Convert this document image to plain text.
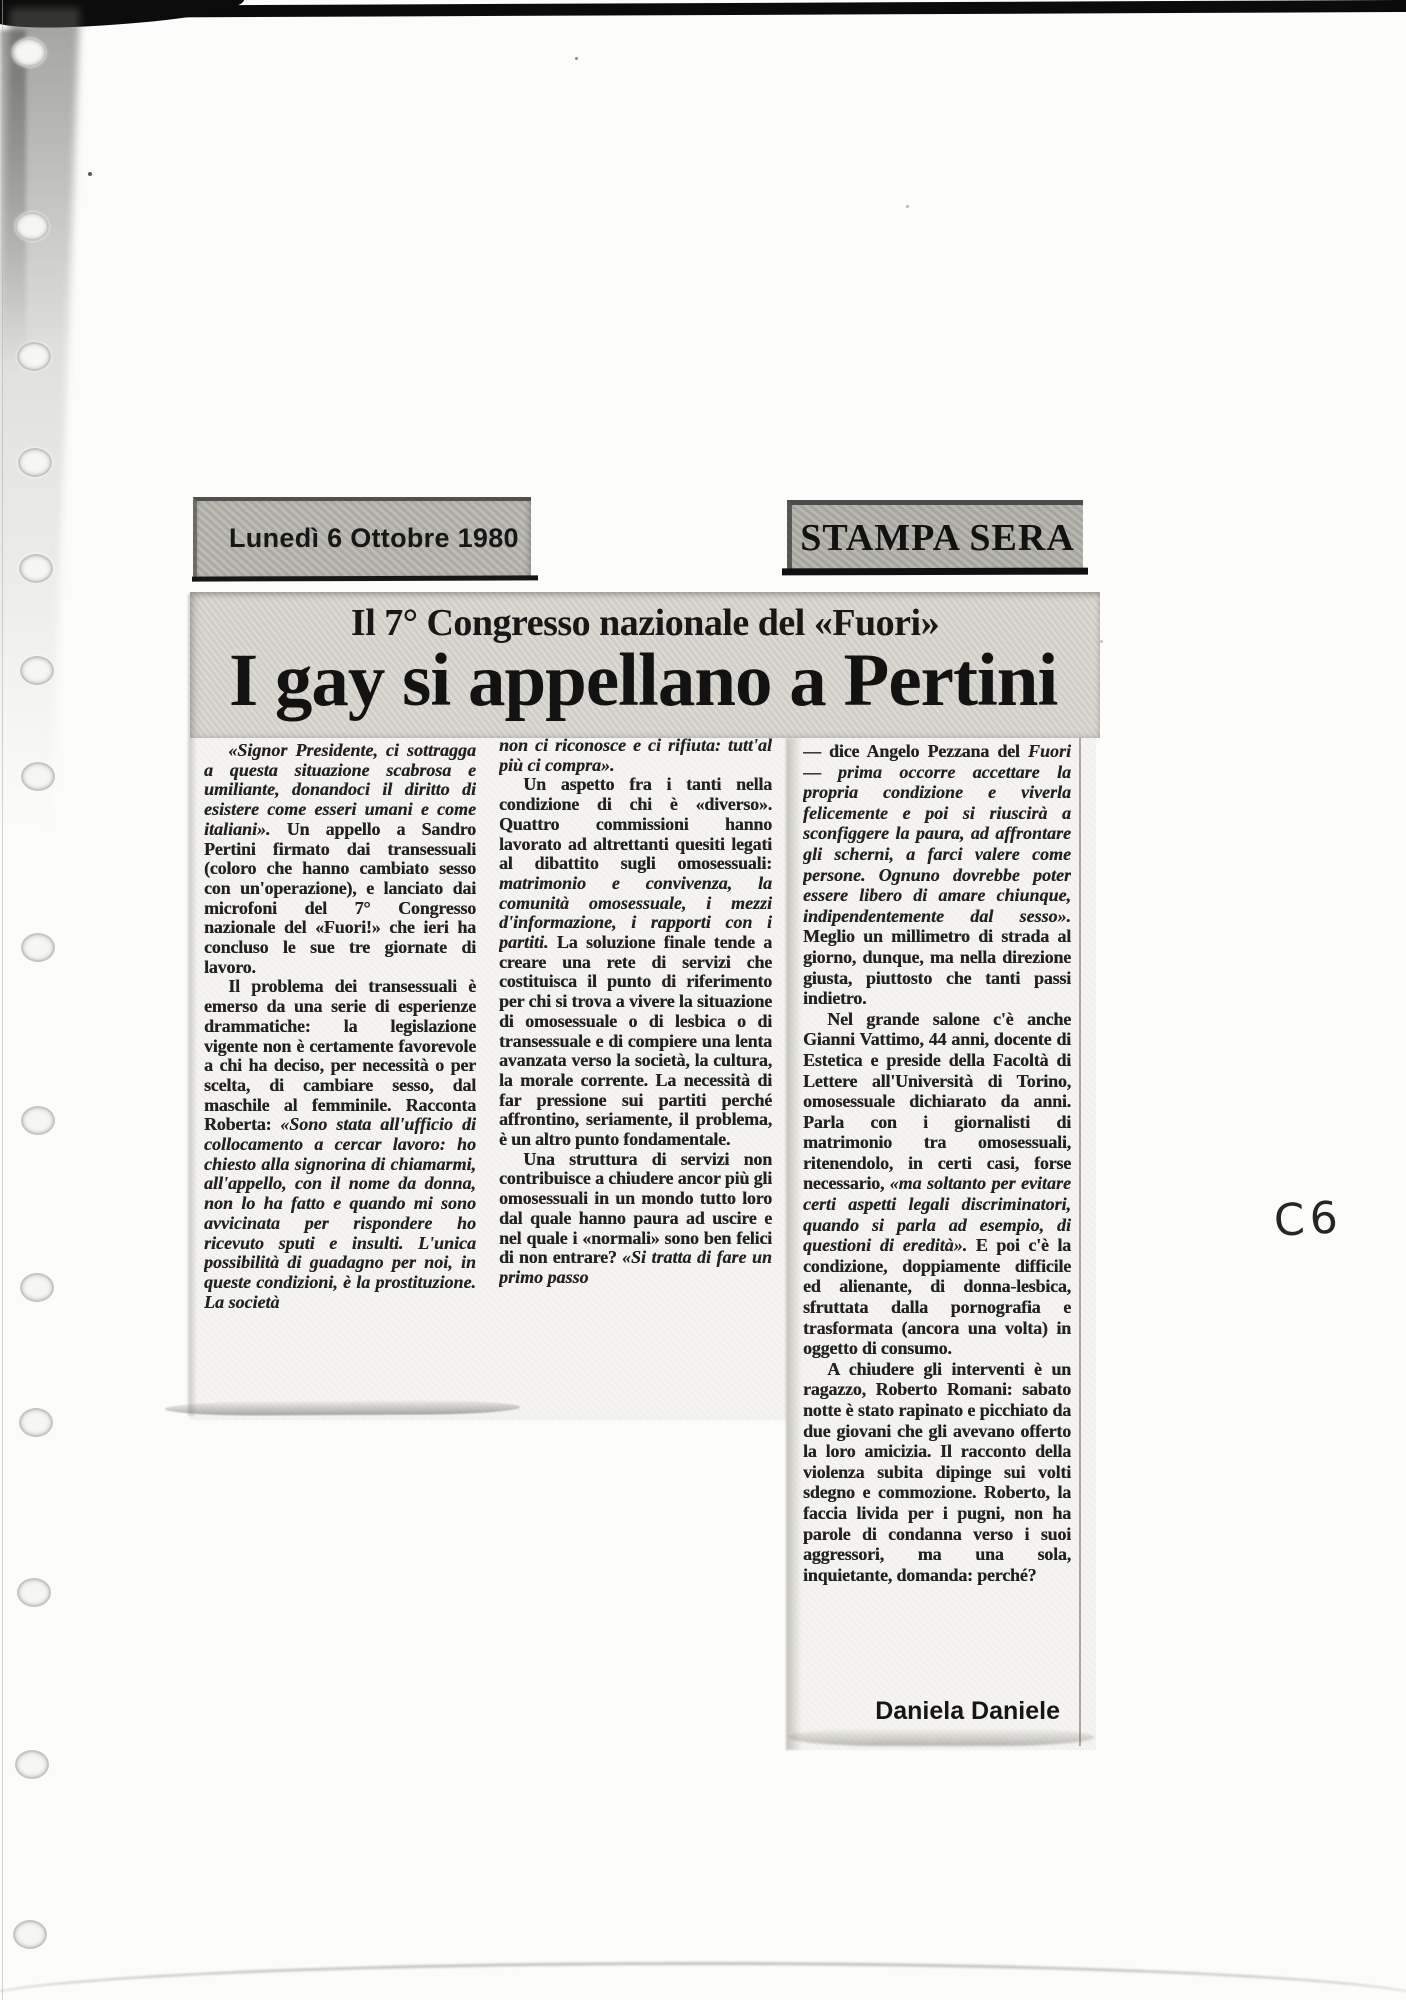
Lunedì 6 Ottobre 1980	STAMPA SERA
Il 7° Congresso nazionale del «Fuori»
I gay si appellano a Pertini

«Signor Presidente, ci sottragga a questa situazione scabrosa e umiliante, donandoci il diritto di esistere come esseri umani e come italiani». Un appello a Sandro Pertini firmato dai transessuali (coloro che hanno cambiato sesso con un'operazione), e lanciato dai microfoni del 7° Congresso nazionale del «Fuori!» che ieri ha concluso le sue tre giornate di lavoro.

Il problema dei transessuali è emerso da una serie di esperienze drammatiche: la legislazione vigente non è certamente favorevole a chi ha deciso, per necessità o per scelta, di cambiare sesso, dal maschile al femminile. Racconta Roberta: «Sono stata all'ufficio di collocamento a cercar lavoro: ho chiesto alla signorina di chiamarmi, all'appello, con il nome da donna, non lo ha fatto e quando mi sono avvicinata per rispondere ho ricevuto sputi e insulti. L'unica possibilità di guadagno per noi, in queste condizioni, è la prostituzione. La società

non ci riconosce e ci rifiuta: tutt'al più ci compra».

Un aspetto fra i tanti nella condizione di chi è «diverso». Quattro commissioni hanno lavorato ad altrettanti quesiti legati al dibattito sugli omosessuali: matrimonio e convivenza, la comunità omosessuale, i mezzi d'informazione, i rapporti con i partiti. La soluzione finale tende a creare una rete di servizi che costituisca il punto di riferimento per chi si trova a vivere la situazione di omosessuale o di lesbica o di transessuale e di compiere una lenta avanzata verso la società, la cultura, la morale corrente. La necessità di far pressione sui partiti perché affrontino, seriamente, il problema, è un altro punto fondamentale.

Una struttura di servizi non contribuisce a chiudere ancor più gli omosessuali in un mondo tutto loro dal quale hanno paura ad uscire e nel quale i «normali» sono ben felici di non entrare? «Si tratta di fare un primo passo

— dice Angelo Pezzana del Fuori — prima occorre accettare la propria condizione e viverla felicemente e poi si riuscirà a sconfiggere la paura, ad affrontare gli scherni, a farci valere come persone. Ognuno dovrebbe poter essere libero di amare chiunque, indipendentemente dal sesso». Meglio un millimetro di strada al giorno, dunque, ma nella direzione giusta, piuttosto che tanti passi indietro.

Nel grande salone c'è anche Gianni Vattimo, 44 anni, docente di Estetica e preside della Facoltà di Lettere all'Università di Torino, omosessuale dichiarato da anni. Parla con i giornalisti di matrimonio tra omosessuali, ritenendolo, in certi casi, forse necessario, «ma soltanto per evitare certi aspetti legali discriminatori, quando si parla ad esempio, di questioni di eredità». E poi c'è la condizione, doppiamente difficile ed alienante, di donna-lesbica, sfruttata dalla pornografia e trasformata (ancora una volta) in oggetto di consumo.

A chiudere gli interventi è un ragazzo, Roberto Romani: sabato notte è stato rapinato e picchiato da due giovani che gli avevano offerto la loro amicizia. Il racconto della violenza subita dipinge sui volti sdegno e commozione. Roberto, la faccia livida per i pugni, non ha parole di condanna verso i suoi aggressori, ma una sola, inquietante, domanda: perché?

Daniela Daniele
C6
